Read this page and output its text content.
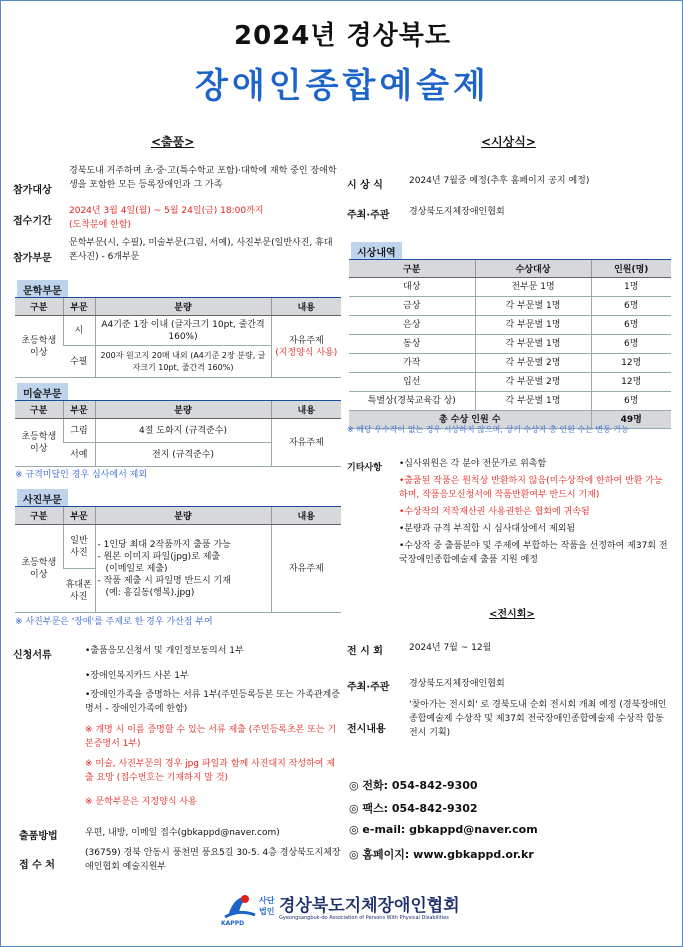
2024년 경상북도
장애인종합예술제
<출품>
참가대상
경북도내 거주하며 초·중·고(특수학교 포함)·대학에 재학 중인 장애학생을 포함한 모든 등록장애인과 그 가족
접수기간
2024년 3월 4일(월) ~ 5월 24일(금) 18:00까지
(도착분에 한함)
참가부문
문학부문(시, 수필), 미술부문(그림, 서예), 사진부문(일반사진, 휴대폰사진) - 6개부문
문학부문
구분	부문	분량	내용
초등학생 이상	시	A4기준 1장 이내 (글자크기 10pt, 줄간격 160%)	자유주제
(지정양식 사용)

	수필	200자 원고지 20매 내외 (A4기준 2장 분량, 글자크기 10pt, 줄간격 160%)	
미술부문
구분	부문	분량	내용
초등학생 이상	그림	4절 도화지 (규격준수)	자유주제
	서예	전지 (규격준수)	
※ 규격미달인 경우 심사에서 제외
사진부문
구분	부문	분량	내용
초등학생 이상	일반 사진	- 1인당 최대 2작품까지 출품 가능
- 원본 이미지 파일(jpg)로 제출
(이메일로 제출)
- 작품 제출 시 파일명 반드시 기재
(예: 홍길동(행복).jpg)	자유주제
	휴대폰 사진		
※ 사진부문은 '장애'를 주제로 한 경우 가산점 부여
신청서류	•출품응모신청서 및 개인정보동의서 1부
•장애인복지카드 사본 1부
•장애인가족을 증명하는 서류 1부(주민등록등본 또는 가족관계증명서 - 장애인가족에 한함)
※ 개명 시 이름 증명할 수 있는 서류 제출 (주민등록초본 또는 기본증명서 1부)
※ 미술, 사진부문의 경우 jpg 파일과 함께 사진대지 작성하여 제출 요망 (접수번호는 기재하지 말 것)
※ 문학부문은 지정양식 사용
출품방법	우편, 내방, 이메일 접수(gbkappd@naver.com)
접 수 처
(36759) 경북 안동시 풍천면 풍요5길 30-5. 4층 경상북도지체장애인협회 예술지원부
<시상식>
시 상 식	2024년 7월중 예정(추후 홈페이지 공지 예정)
주최·주관 경상북도지체장애인협회
시상내역
구분	수상대상	인원(명)
대상	전부문 1명	1명
금상	각 부문별 1명	6명
은상	각 부문별 1명	6명
동상	각 부문별 1명	6명
가작	각 부문별 2명	12명
입선	각 부문별 2명	12명
특별상(경북교육감 상)	각 부문별 1명	6명
총 수상 인원 수		49명
※ 해당 우수작이 없는 경우 시상하지 않으며, 상기 수상자 총 인원 수는 변동 가능
기타사항 •심사위원은 각 분야 전문가로 위촉함
•출품된 작품은 원칙상 반환하지 않음(미수상작에 한하여 반환 가능하며, 작품응모신청서에 작품반환여부 반드시 기재)
•수상작의 저작재산권 사용권한은 협회에 귀속됨
•분량과 규격 부적합 시 심사대상에서 제외됨
•수상작 중 출품분야 및 주제에 부합하는 작품을 선정하여 제37회 전국장애인종합예술제 출품 지원 예정
<전시회>
전 시 회	2024년 7월 ~ 12월
주최·주관 경상북도지체장애인협회
전시내용
'찾아가는 전시회' 로 경북도내 순회 전시회 개최 예정 (경북장애인종합예술제 수상작 및 제37회 전국장애인종합예술제 수상작 합동전시 기획)
◎ 전화: 054-842-9300
◎ 팩스: 054-842-9302
◎ e-mail: gbkappd@naver.com
◎ 홈페이지: www.gbkappd.or.kr
KAPPD
사단 법인 경상북도지체장애인협회
Gyeongsangbuk-do Association of Persons With Physical Disabilities
